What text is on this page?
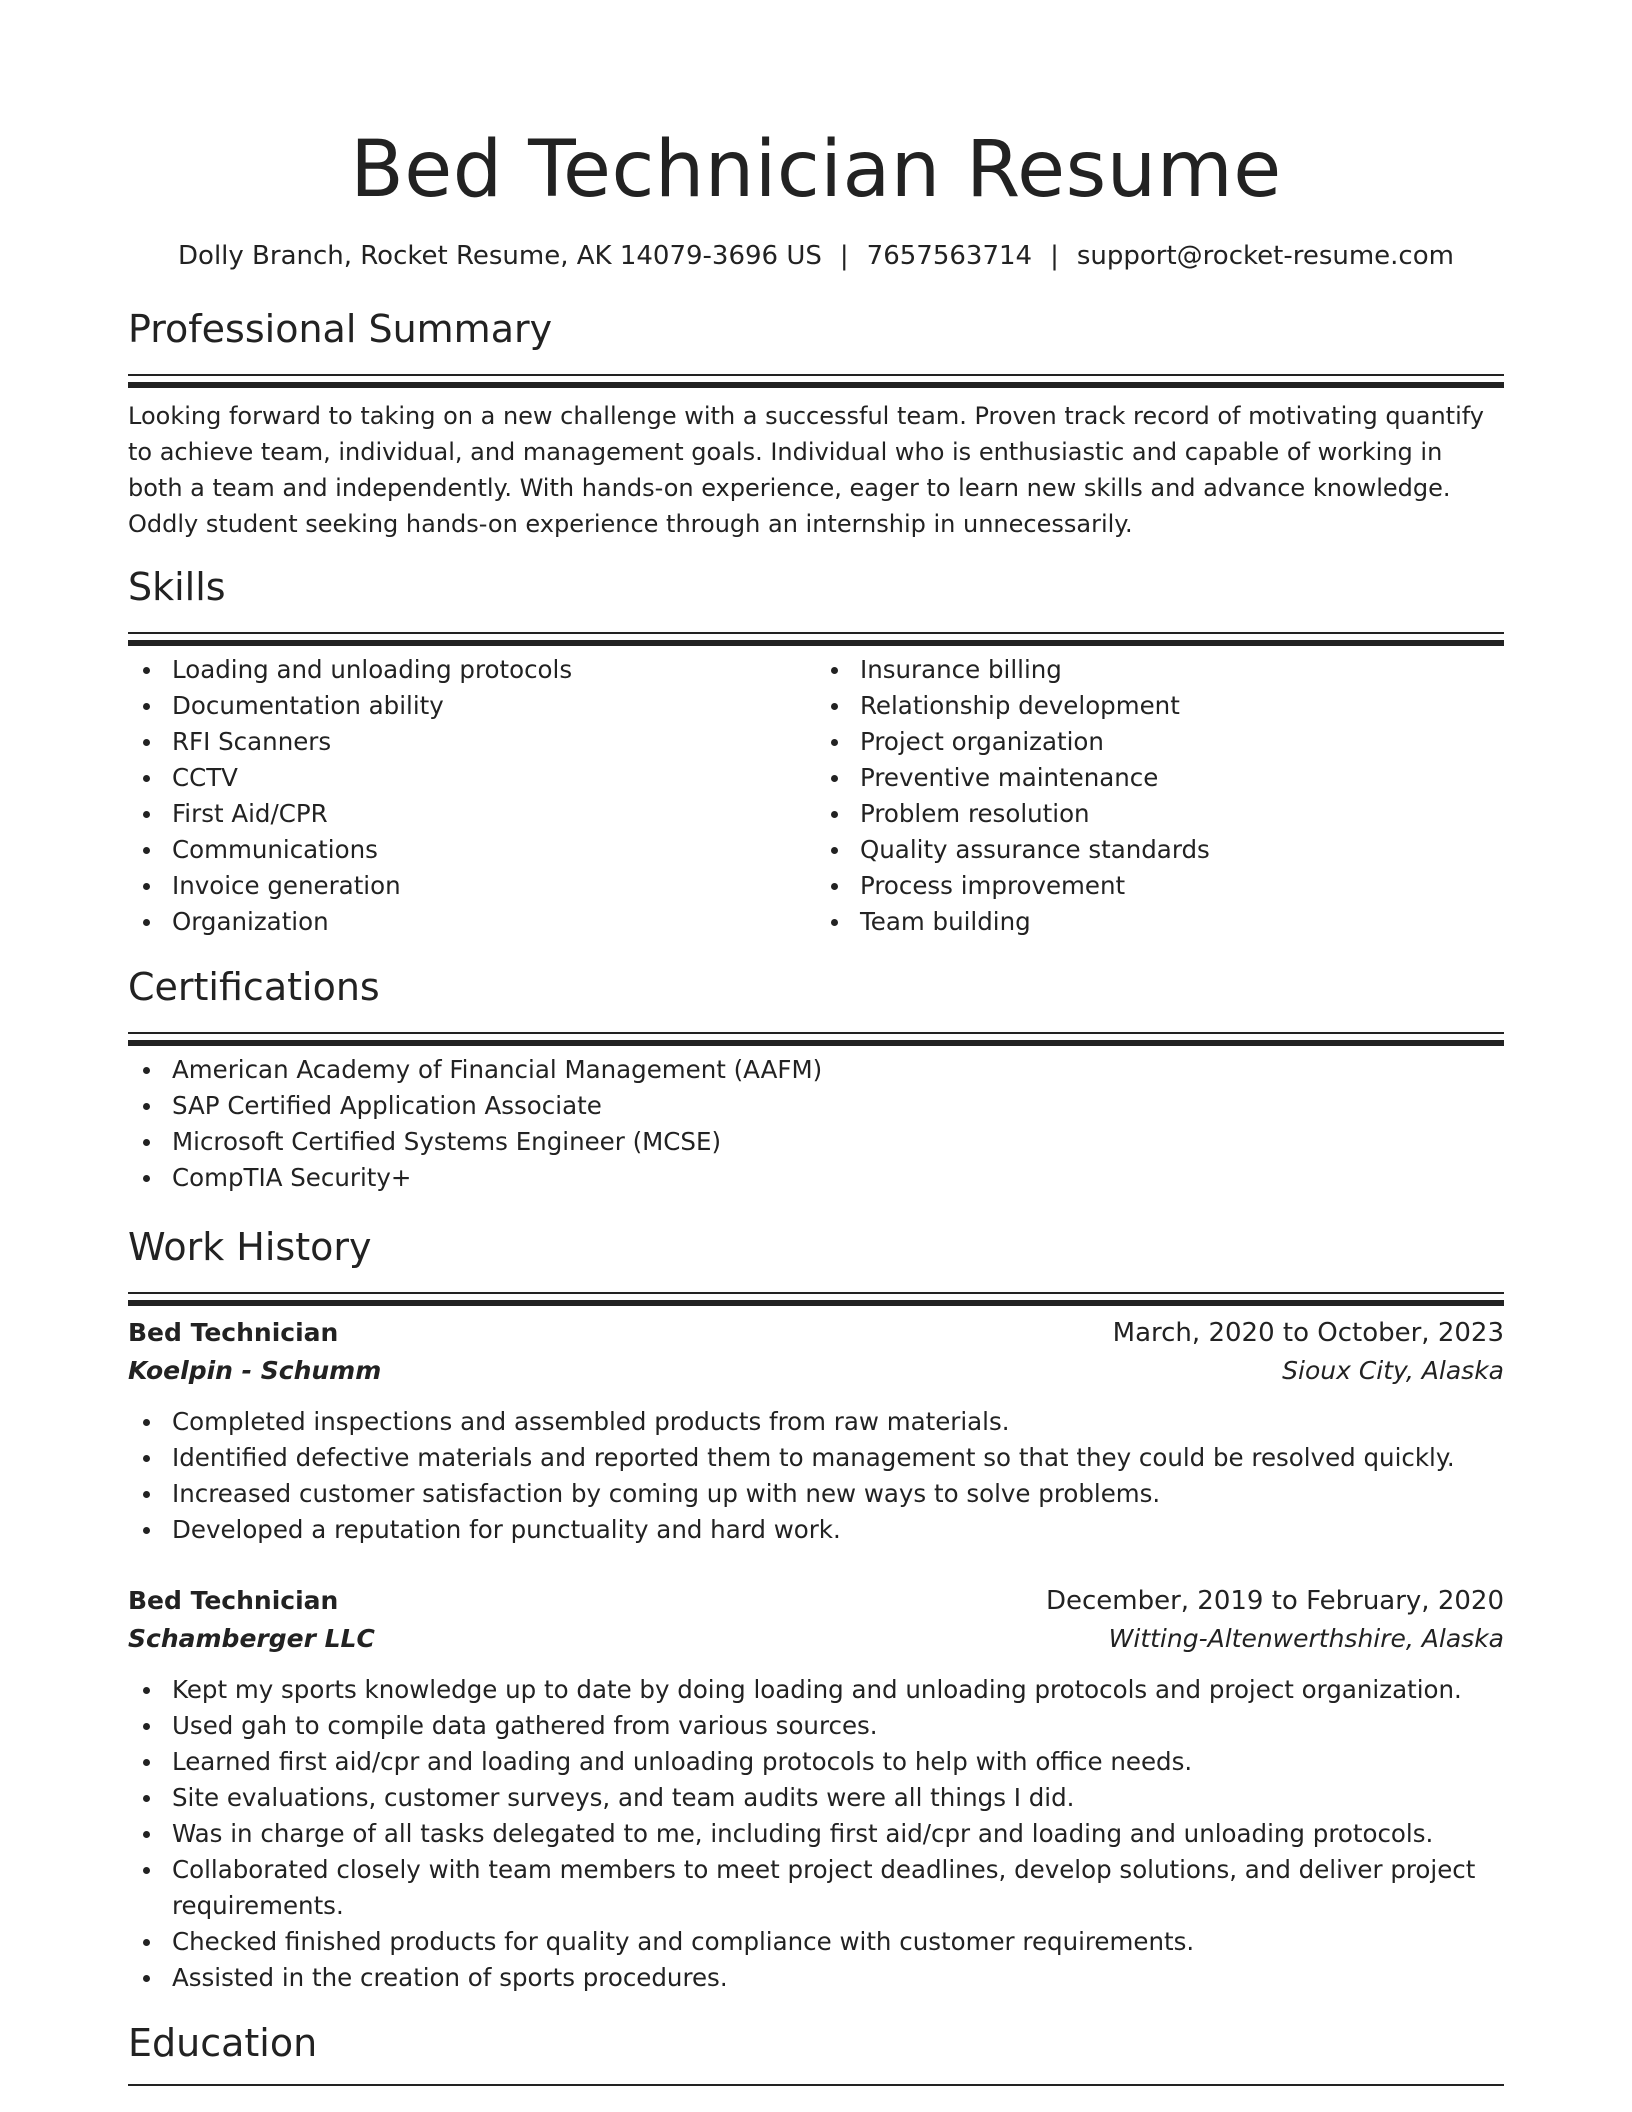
Bed Technician Resume
Dolly Branch, Rocket Resume, AK 14079-3696 US | 7657563714 | support@rocket-resume.com
Professional Summary

Looking forward to taking on a new challenge with a successful team. Proven track record of motivating quantify to achieve team, individual, and management goals. Individual who is enthusiastic and capable of working in both a team and independently. With hands-on experience, eager to learn new skills and advance knowledge. Oddly student seeking hands-on experience through an internship in unnecessarily.

Skills
Loading and unloading protocols
Documentation ability
RFI Scanners
CCTV
First Aid/CPR
Communications
Invoice generation
Organization
Insurance billing
Relationship development
Project organization
Preventive maintenance
Problem resolution
Quality assurance standards
Process improvement
Team building
Certifications
American Academy of Financial Management (AAFM)
SAP Certified Application Associate
Microsoft Certified Systems Engineer (MCSE)
CompTIA Security+
Work History
Bed Technician	March, 2020 to October, 2023
Koelpin - Schumm	Sioux City, Alaska
Completed inspections and assembled products from raw materials.
Identified defective materials and reported them to management so that they could be resolved quickly.
Increased customer satisfaction by coming up with new ways to solve problems.
Developed a reputation for punctuality and hard work.
Bed Technician	December, 2019 to February, 2020
Schamberger LLC	Witting-Altenwerthshire, Alaska
Kept my sports knowledge up to date by doing loading and unloading protocols and project organization.
Used gah to compile data gathered from various sources.
Learned first aid/cpr and loading and unloading protocols to help with office needs.
Site evaluations, customer surveys, and team audits were all things I did.
Was in charge of all tasks delegated to me, including first aid/cpr and loading and unloading protocols.
Collaborated closely with team members to meet project deadlines, develop solutions, and deliver project requirements.
Checked finished products for quality and compliance with customer requirements.
Assisted in the creation of sports procedures.
Education
